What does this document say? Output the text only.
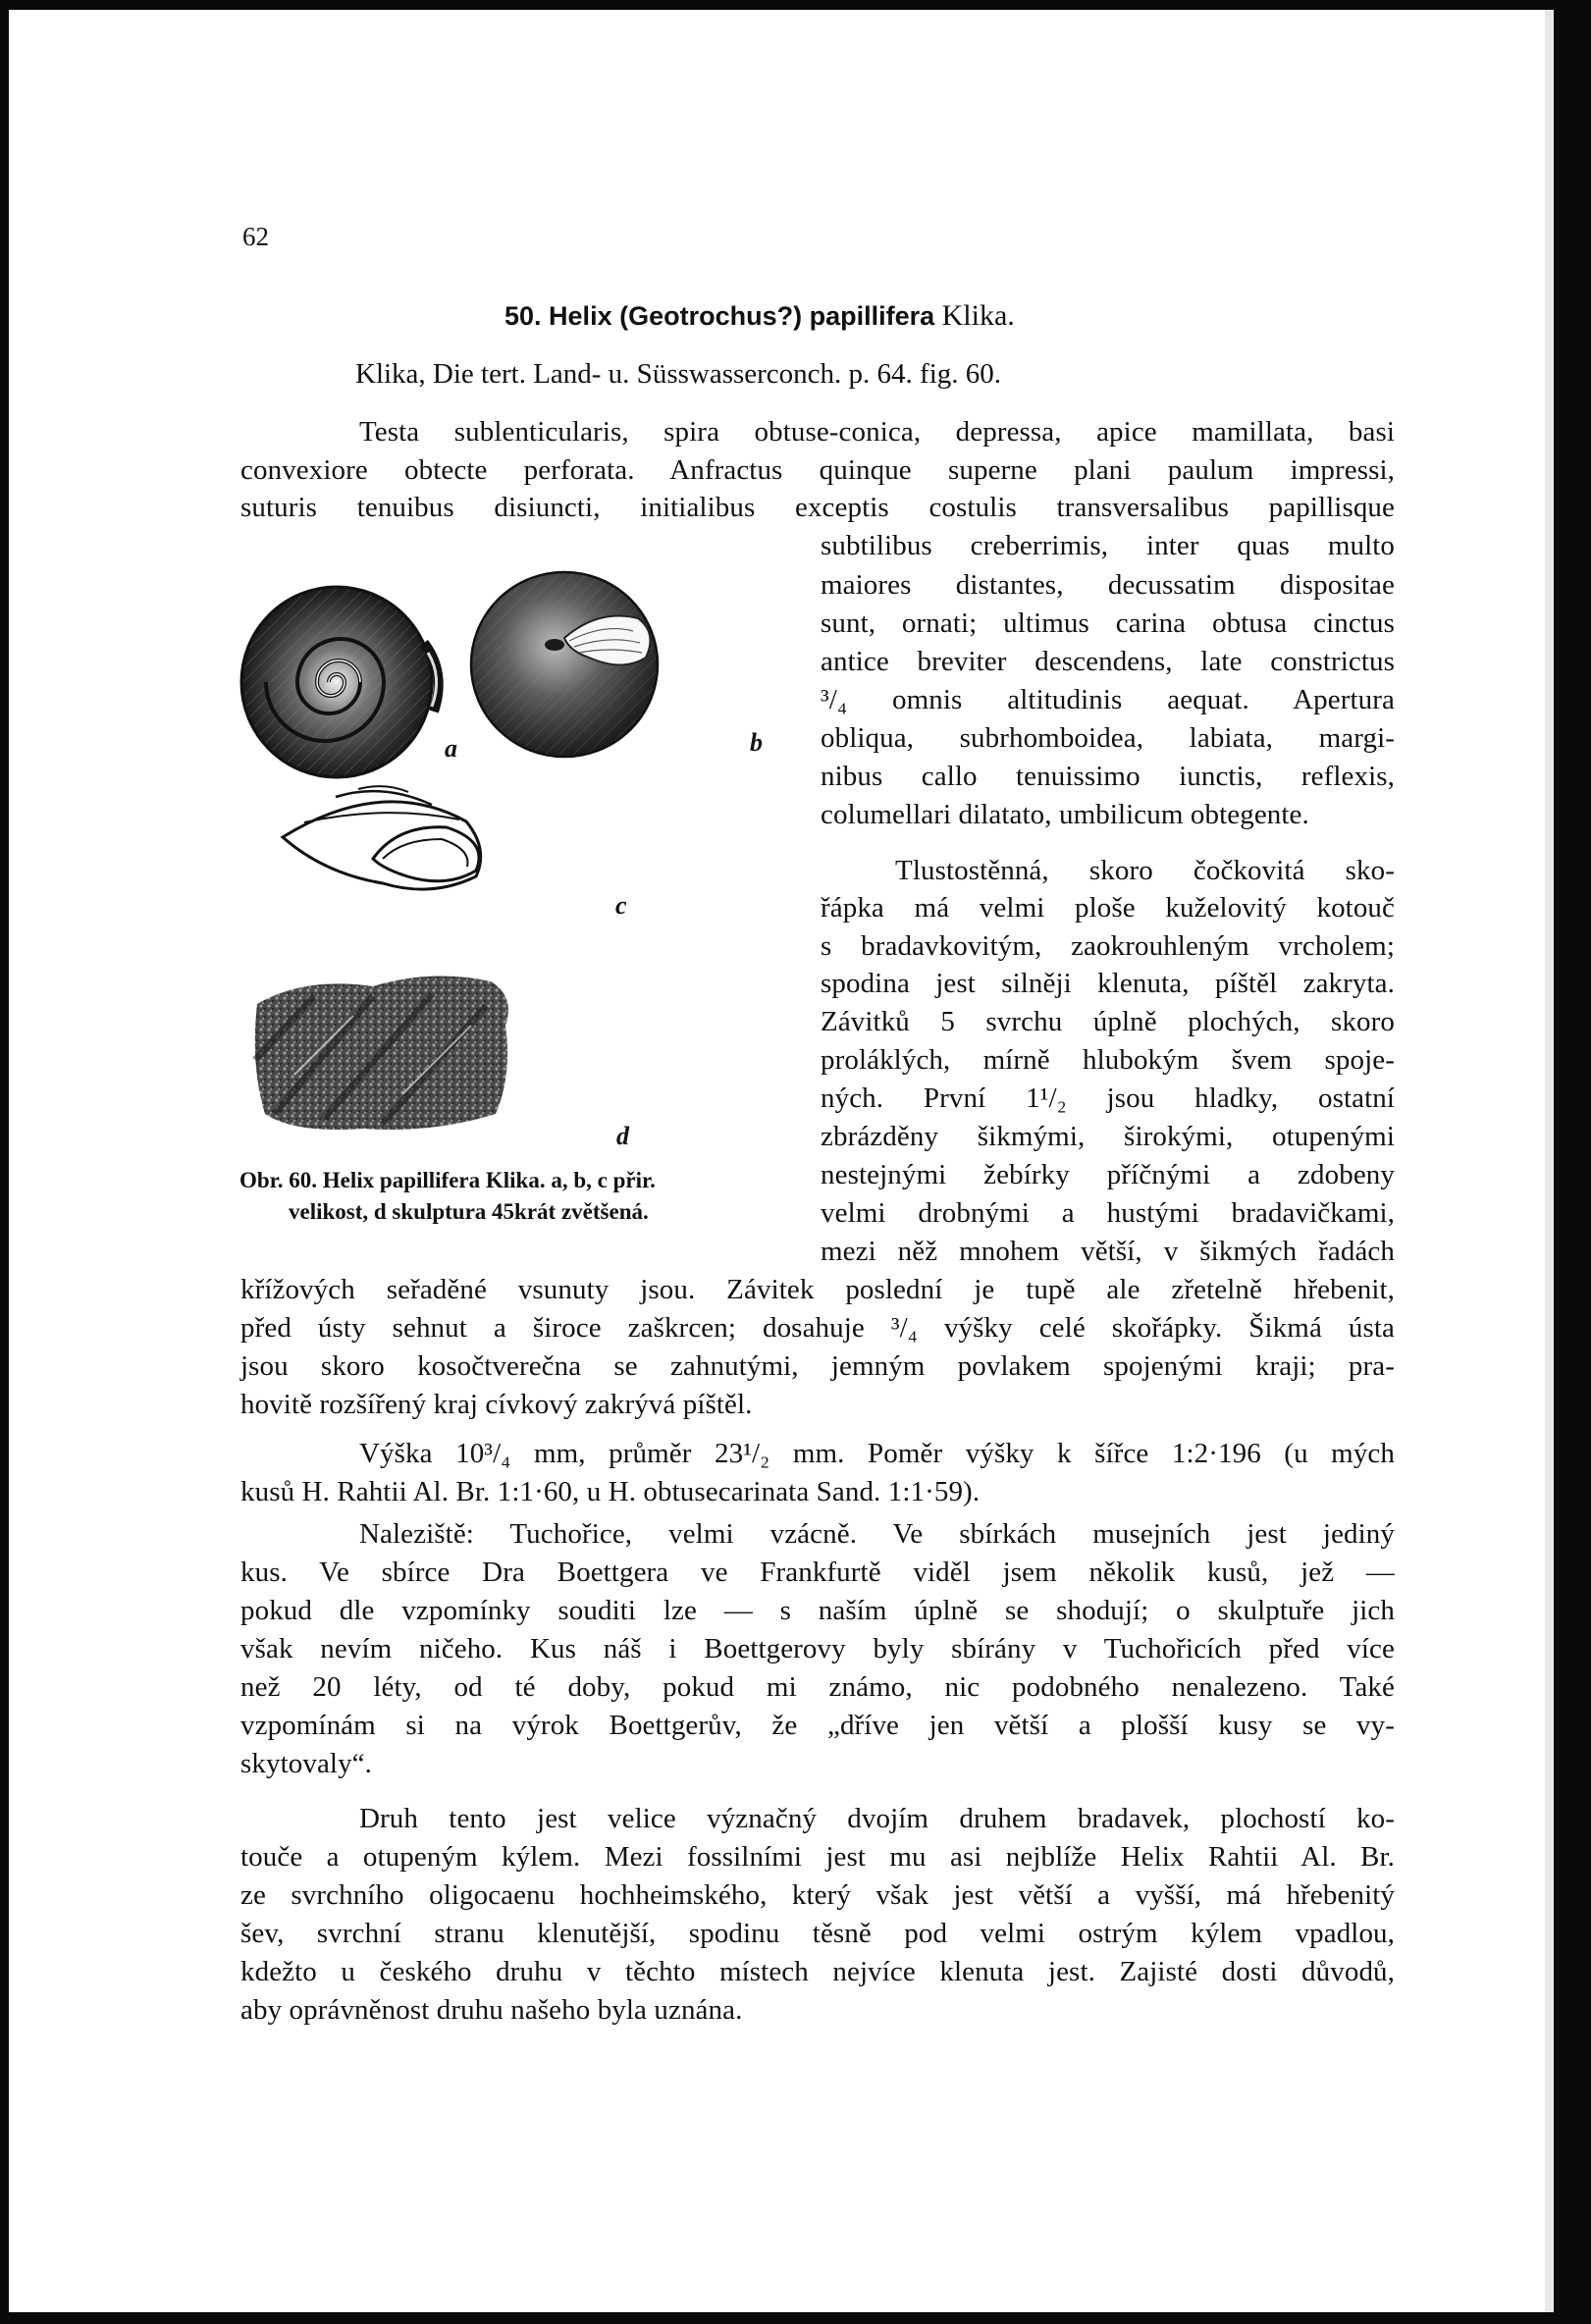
62
50. Helix (Geotrochus?) papillifera Klika.
Klika, Die tert. Land- u. Süsswasserconch. p. 64. fig. 60.
Testa sublenticularis, spira obtuse-conica, depressa, apice mamillata, basi
convexiore obtecte perforata. Anfractus quinque superne plani paulum impressi,
suturis tenuibus disiuncti, initialibus exceptis costulis transversalibus papillisque
subtilibus creberrimis, inter quas multo
maiores distantes, decussatim dispositae
sunt, ornati; ultimus carina obtusa cinctus
antice breviter descendens, late constrictus
³/₄ omnis altitudinis aequat. Apertura
obliqua, subrhomboidea, labiata, margi-
nibus callo tenuissimo iunctis, reflexis,
columellari dilatato, umbilicum obtegente.
Tlustostěnná, skoro čočkovitá sko-
řápka má velmi ploše kuželovitý kotouč
s bradavkovitým, zaokrouhleným vrcholem;
spodina jest silněji klenuta, píštěl zakryta.
Závitků 5 svrchu úplně plochých, skoro
proláklých, mírně hlubokým švem spoje-
ných. První 1¹/₂ jsou hladky, ostatní
zbrázděny šikmými, širokými, otupenými
nestejnými žebírky příčnými a zdobeny
velmi drobnými a hustými bradavičkami,
mezi něž mnohem větší, v šikmých řadách
křížových seřaděné vsunuty jsou. Závitek poslední je tupě ale zřetelně hřebenit,
před ústy sehnut a široce zaškrcen; dosahuje ³/₄ výšky celé skořápky. Šikmá ústa
jsou skoro kosočtverečna se zahnutými, jemným povlakem spojenými kraji; pra-
hovitě rozšířený kraj cívkový zakrývá píštěl.
Výška 10³/₄ mm, průměr 23¹/₂ mm. Poměr výšky k šířce 1:2·196 (u mých
kusů H. Rahtii Al. Br. 1:1·60, u H. obtusecarinata Sand. 1:1·59).
Naleziště: Tuchořice, velmi vzácně. Ve sbírkách musejních jest jediný
kus. Ve sbírce Dra Boettgera ve Frankfurtě viděl jsem několik kusů, jež —
pokud dle vzpomínky souditi lze — s naším úplně se shodují; o skulptuře jich
však nevím ničeho. Kus náš i Boettgerovy byly sbírány v Tuchořicích před více
než 20 léty, od té doby, pokud mi známo, nic podobného nenalezeno. Také
vzpomínám si na výrok Boettgerův, že „dříve jen větší a plošší kusy se vy-
skytovaly“.
Druh tento jest velice význačný dvojím druhem bradavek, plochostí ko-
touče a otupeným kýlem. Mezi fossilními jest mu asi nejblíže Helix Rahtii Al. Br.
ze svrchního oligocaenu hochheimského, který však jest větší a vyšší, má hřebenitý
šev, svrchní stranu klenutější, spodinu těsně pod velmi ostrým kýlem vpadlou,
kdežto u českého druhu v těchto místech nejvíce klenuta jest. Zajisté dosti důvodů,
aby oprávněnost druhu našeho byla uznána.
a	b
c
d
Obr. 60. Helix papillifera Klika. a, b, c přir.
velikost, d skulptura 45krát zvětšená.
